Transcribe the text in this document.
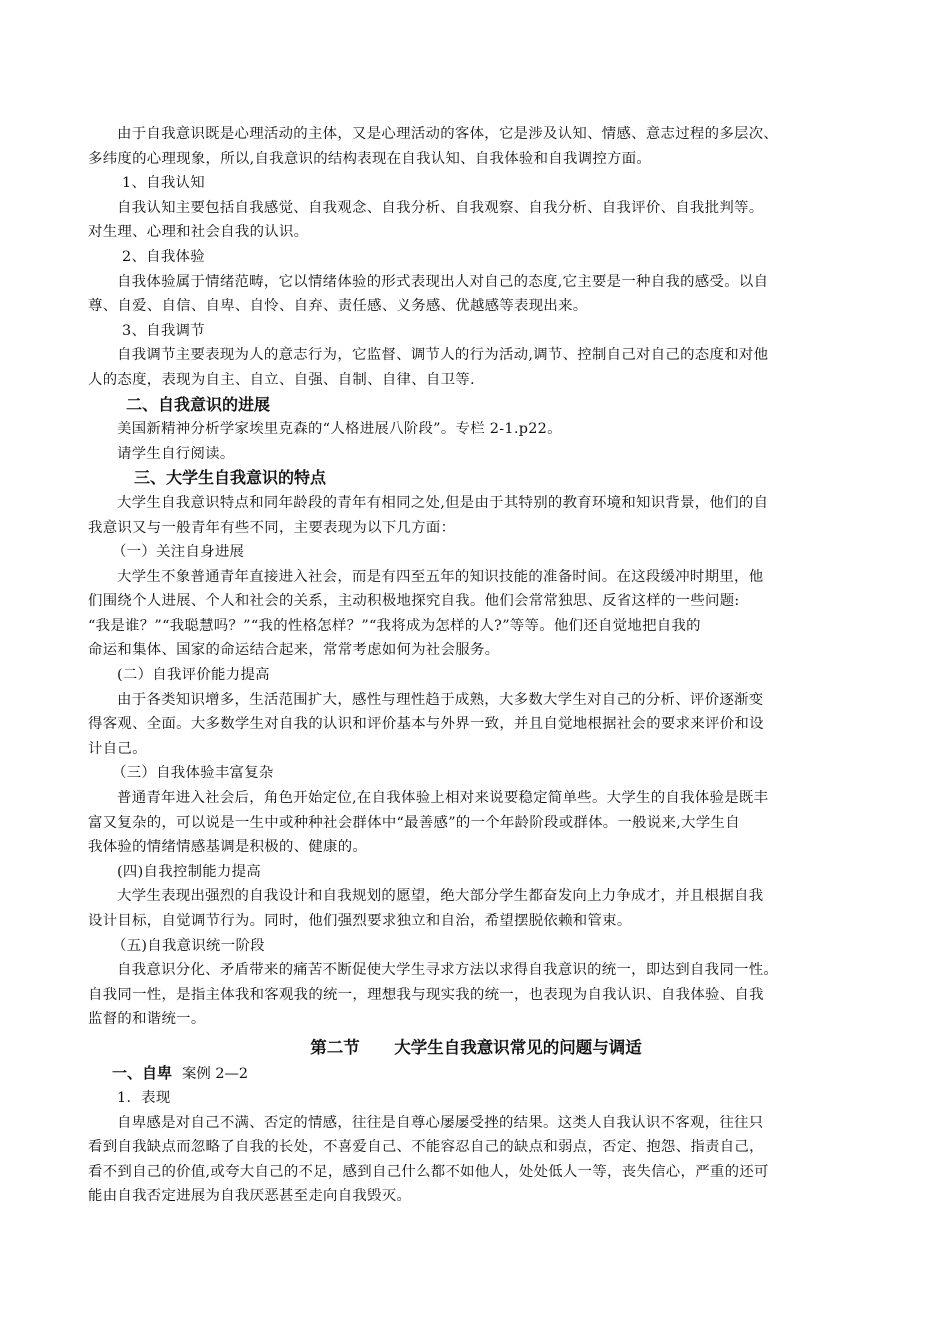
由于自我意识既是心理活动的主体，又是心理活动的客体，它是涉及认知、情感、意志过程的多层次、
多纬度的心理现象，所以,自我意识的结构表现在自我认知、自我体验和自我调控方面。
1、自我认知
自我认知主要包括自我感觉、自我观念、自我分析、自我观察、自我分析、自我评价、自我批判等。
对生理、心理和社会自我的认识。
2、自我体验
自我体验属于情绪范畴，它以情绪体验的形式表现出人对自己的态度,它主要是一种自我的感受。以自
尊、自爱、自信、自卑、自怜、自弃、责任感、义务感、优越感等表现出来。
3、自我调节
自我调节主要表现为人的意志行为，它监督、调节人的行为活动,调节、控制自己对自己的态度和对他
人的态度，表现为自主、自立、自强、自制、自律、自卫等.
二、自我意识的进展
美国新精神分析学家埃里克森的“人格进展八阶段”。专栏 2-1.p22。
请学生自行阅读。
三、大学生自我意识的特点
大学生自我意识特点和同年龄段的青年有相同之处,但是由于其特别的教育环境和知识背景，他们的自
我意识又与一般青年有些不同，主要表现为以下几方面：
（一）关注自身进展
大学生不象普通青年直接进入社会，而是有四至五年的知识技能的准备时间。在这段缓冲时期里，他
们围绕个人进展、个人和社会的关系，主动积极地探究自我。他们会常常独思、反省这样的一些问题:
“我是谁？”“我聪慧吗？”“我的性格怎样？”“我将成为怎样的人?”等等。他们还自觉地把自我的
命运和集体、国家的命运结合起来，常常考虑如何为社会服务。
(二）自我评价能力提高
由于各类知识增多，生活范围扩大，感性与理性趋于成熟，大多数大学生对自己的分析、评价逐渐变
得客观、全面。大多数学生对自我的认识和评价基本与外界一致，并且自觉地根据社会的要求来评价和设
计自己。
（三）自我体验丰富复杂
普通青年进入社会后，角色开始定位,在自我体验上相对来说要稳定简单些。大学生的自我体验是既丰
富又复杂的，可以说是一生中或种种社会群体中“最善感”的一个年龄阶段或群体。一般说来,大学生自
我体验的情绪情感基调是积极的、健康的。
(四)自我控制能力提高
大学生表现出强烈的自我设计和自我规划的愿望，绝大部分学生都奋发向上力争成才，并且根据自我
设计目标，自觉调节行为。同时，他们强烈要求独立和自治，希望摆脱依赖和管束。
（五)自我意识统一阶段
自我意识分化、矛盾带来的痛苦不断促使大学生寻求方法以求得自我意识的统一，即达到自我同一性。
自我同一性，是指主体我和客观我的统一，理想我与现实我的统一，也表现为自我认识、自我体验、自我
监督的和谐统一。
第二节      大学生自我意识常见的问题与调适
一、自卑 案例 2—2
1．表现
自卑感是对自己不满、否定的情感，往往是自尊心屡屡受挫的结果。这类人自我认识不客观，往往只
看到自我缺点而忽略了自我的长处，不喜爱自己、不能容忍自己的缺点和弱点，否定、抱怨、指责自己，
看不到自己的价值,或夸大自己的不足，感到自己什么都不如他人，处处低人一等，丧失信心，严重的还可
能由自我否定进展为自我厌恶甚至走向自我毁灭。
